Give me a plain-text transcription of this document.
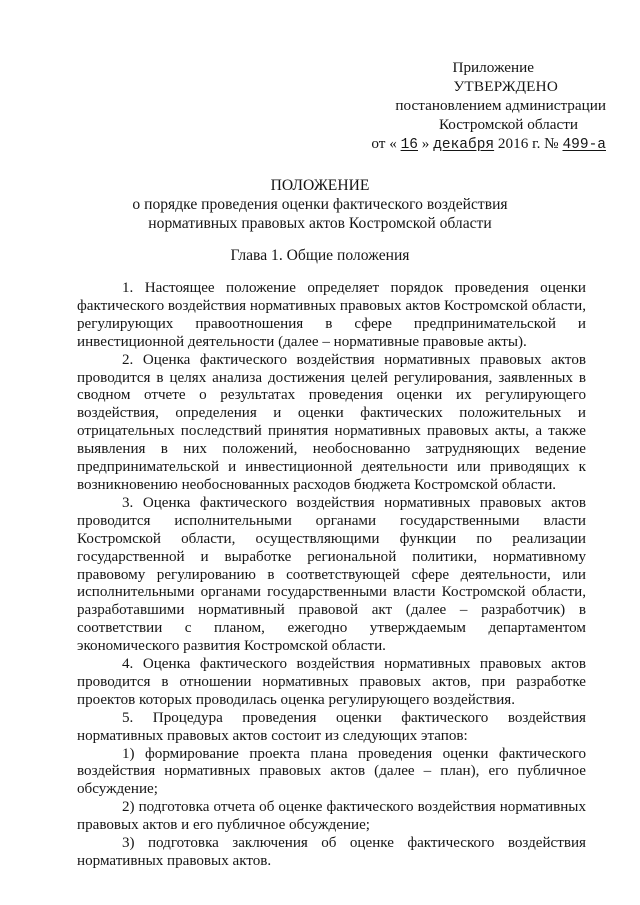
Приложение
УТВЕРЖДЕНО
постановлением администрации
Костромской области
от « 16 » декабря 2016 г. № 499-а
ПОЛОЖЕНИЕ
о порядке проведения оценки фактического воздействия
нормативных правовых актов Костромской области
Глава 1. Общие положения

1. Настоящее положение определяет порядок проведения оценки фактического воздействия нормативных правовых актов Костромской области, регулирующих правоотношения в сфере предпринимательской и инвестиционной деятельности (далее – нормативные правовые акты).

2. Оценка фактического воздействия нормативных правовых актов проводится в целях анализа достижения целей регулирования, заявленных в сводном отчете о результатах проведения оценки их регулирующего воздействия, определения и оценки фактических положительных и отрицательных последствий принятия нормативных правовых акты, а также выявления в них положений, необоснованно затрудняющих ведение предпринимательской и инвестиционной деятельности или приводящих к возникновению необоснованных расходов бюджета Костромской области.

3. Оценка фактического воздействия нормативных правовых актов проводится исполнительными органами государственными власти Костромской области, осуществляющими функции по реализации государственной и выработке региональной политики, нормативному правовому регулированию в соответствующей сфере деятельности, или исполнительными органами государственными власти Костромской области, разработавшими нормативный правовой акт (далее – разработчик) в соответствии с планом, ежегодно утверждаемым департаментом экономического развития Костромской области.

4. Оценка фактического воздействия нормативных правовых актов проводится в отношении нормативных правовых актов, при разработке проектов которых проводилась оценка регулирующего воздействия.

5. Процедура проведения оценки фактического воздействия нормативных правовых актов состоит из следующих этапов:

1) формирование проекта плана проведения оценки фактического воздействия нормативных правовых актов (далее – план), его публичное обсуждение;

2) подготовка отчета об оценке фактического воздействия нормативных правовых актов и его публичное обсуждение;

3) подготовка заключения об оценке фактического воздействия нормативных правовых актов.
